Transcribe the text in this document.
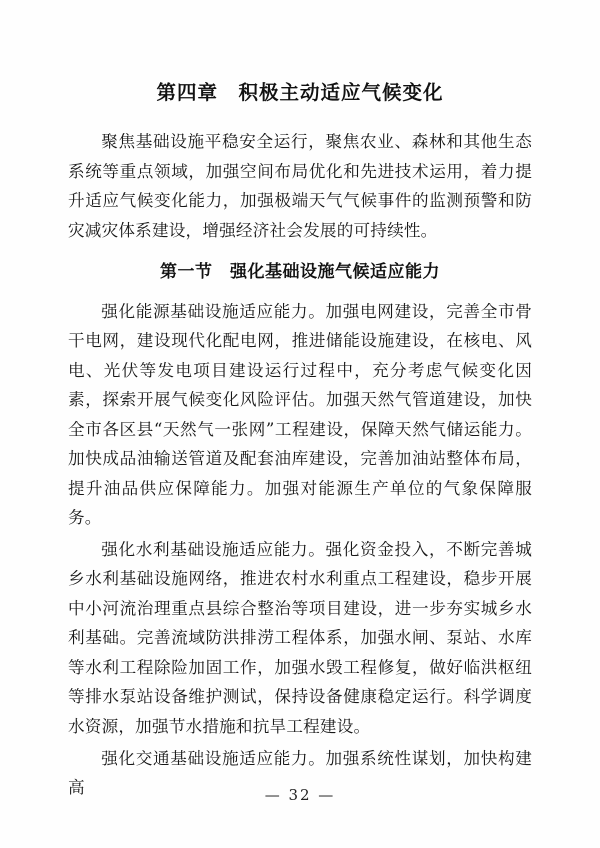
第四章　积极主动适应气候变化

聚焦基础设施平稳安全运行，聚焦农业、森林和其他生态系统等重点领域，加强空间布局优化和先进技术运用，着力提升适应气候变化能力，加强极端天气气候事件的监测预警和防灾减灾体系建设，增强经济社会发展的可持续性。

第一节　强化基础设施气候适应能力

强化能源基础设施适应能力。加强电网建设，完善全市骨干电网，建设现代化配电网，推进储能设施建设，在核电、风电、光伏等发电项目建设运行过程中，充分考虑气候变化因素，探索开展气候变化风险评估。加强天然气管道建设，加快全市各区县“天然气一张网”工程建设，保障天然气储运能力。加快成品油输送管道及配套油库建设，完善加油站整体布局，提升油品供应保障能力。加强对能源生产单位的气象保障服务。

强化水利基础设施适应能力。强化资金投入，不断完善城乡水利基础设施网络，推进农村水利重点工程建设，稳步开展中小河流治理重点县综合整治等项目建设，进一步夯实城乡水利基础。完善流域防洪排涝工程体系，加强水闸、泵站、水库等水利工程除险加固工作，加强水毁工程修复，做好临洪枢纽等排水泵站设备维护测试，保持设备健康稳定运行。科学调度水资源，加强节水措施和抗旱工程建设。

强化交通基础设施适应能力。加强系统性谋划，加快构建高	— 32 —
